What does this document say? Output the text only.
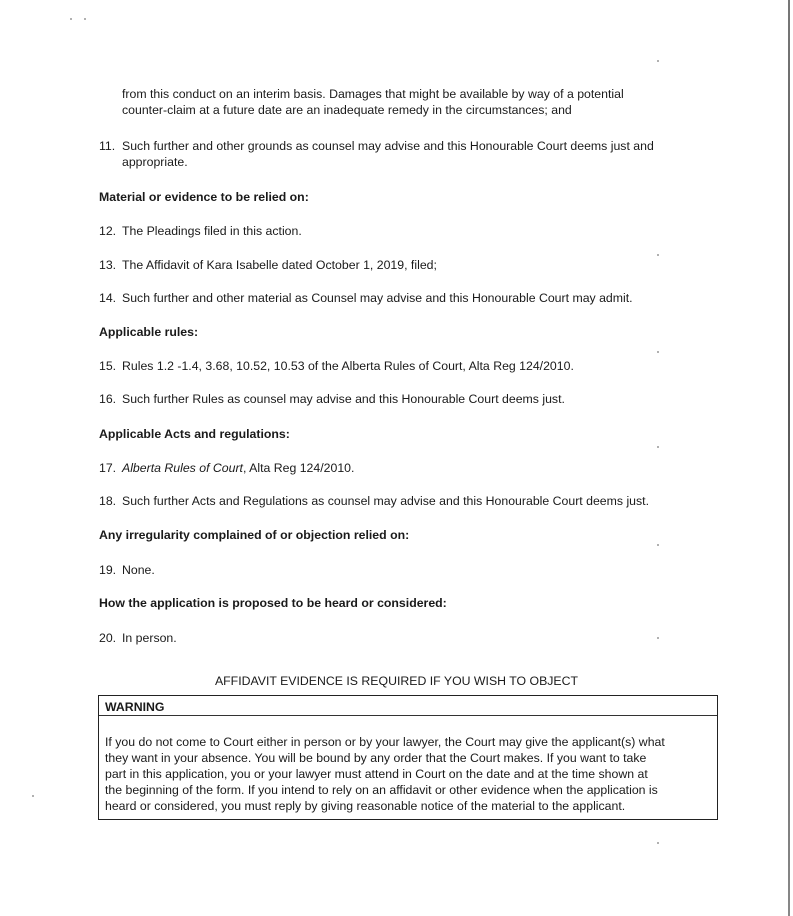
from this conduct on an interim basis. Damages that might be available by way of a potential

counter-claim at a future date are an inadequate remedy in the circumstances; and

11. Such further and other grounds as counsel may advise and this Honourable Court deems just and
appropriate.

Material or evidence to be relied on:

12. The Pleadings filed in this action.
13. The Affidavit of Kara Isabelle dated October 1, 2019, filed;
14. Such further and other material as Counsel may advise and this Honourable Court may admit.

Applicable rules:

15. Rules 1.2 -1.4, 3.68, 10.52, 10.53 of the Alberta Rules of Court, Alta Reg 124/2010.
16. Such further Rules as counsel may advise and this Honourable Court deems just.

Applicable Acts and regulations:

17. Alberta Rules of Court, Alta Reg 124/2010.
18. Such further Acts and Regulations as counsel may advise and this Honourable Court deems just.

Any irregularity complained of or objection relied on:

19. None.

How the application is proposed to be heard or considered:

20. In person.

AFFIDAVIT EVIDENCE IS REQUIRED IF YOU WISH TO OBJECT

WARNING
If you do not come to Court either in person or by your lawyer, the Court may give the applicant(s) what
they want in your absence. You will be bound by any order that the Court makes. If you want to take
part in this application, you or your lawyer must attend in Court on the date and at the time shown at
the beginning of the form. If you intend to rely on an affidavit or other evidence when the application is
heard or considered, you must reply by giving reasonable notice of the material to the applicant.
